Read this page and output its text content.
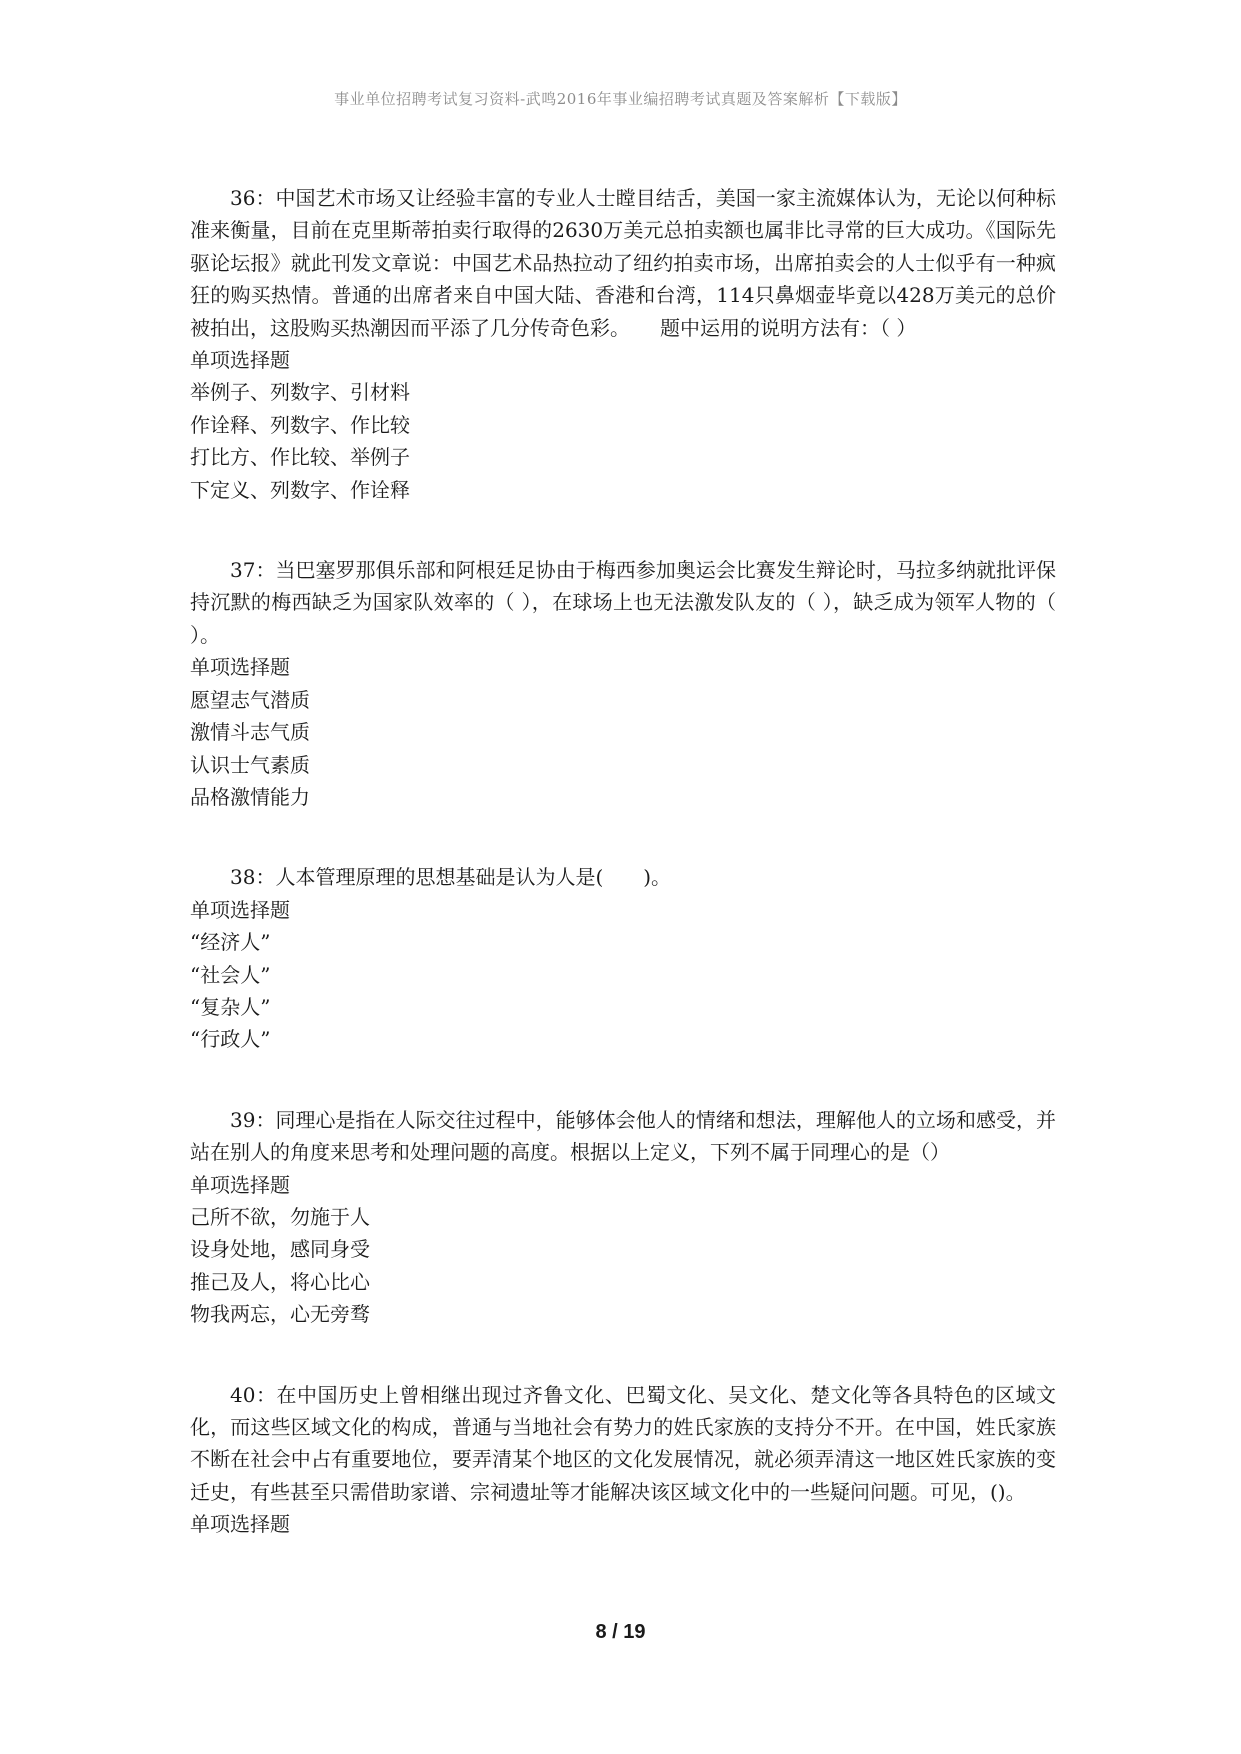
事业单位招聘考试复习资料-武鸣2016年事业编招聘考试真题及答案解析【下载版】

36：中国艺术市场又让经验丰富的专业人士瞠目结舌，美国一家主流媒体认为，无论以何种标准来衡量，目前在克里斯蒂拍卖行取得的2630万美元总拍卖额也属非比寻常的巨大成功。《国际先驱论坛报》就此刊发文章说：中国艺术品热拉动了纽约拍卖市场，出席拍卖会的人士似乎有一种疯狂的购买热情。普通的出席者来自中国大陆、香港和台湾，114只鼻烟壶毕竟以428万美元的总价被拍出，这股购买热潮因而平添了几分传奇色彩。　　题中运用的说明方法有：（ ）

单项选择题

举例子、列数字、引材料

作诠释、列数字、作比较

打比方、作比较、举例子

下定义、列数字、作诠释

37：当巴塞罗那俱乐部和阿根廷足协由于梅西参加奥运会比赛发生辩论时，马拉多纳就批评保持沉默的梅西缺乏为国家队效率的（ ），在球场上也无法激发队友的（ ），缺乏成为领军人物的（ ）。

单项选择题

愿望志气潜质

激情斗志气质

认识士气素质

品格激情能力

38：人本管理原理的思想基础是认为人是(　　)。

单项选择题

“经济人”

“社会人”

“复杂人”

“行政人”

39：同理心是指在人际交往过程中，能够体会他人的情绪和想法，理解他人的立场和感受，并站在别人的角度来思考和处理问题的高度。根据以上定义，下列不属于同理心的是（）

单项选择题

己所不欲，勿施于人

设身处地，感同身受

推己及人，将心比心

物我两忘，心无旁骛

40：在中国历史上曾相继出现过齐鲁文化、巴蜀文化、吴文化、楚文化等各具特色的区域文化，而这些区域文化的构成，普通与当地社会有势力的姓氏家族的支持分不开。在中国，姓氏家族不断在社会中占有重要地位，要弄清某个地区的文化发展情况，就必须弄清这一地区姓氏家族的变迁史，有些甚至只需借助家谱、宗祠遗址等才能解决该区域文化中的一些疑问问题。可见，()。

单项选择题

8 / 19
